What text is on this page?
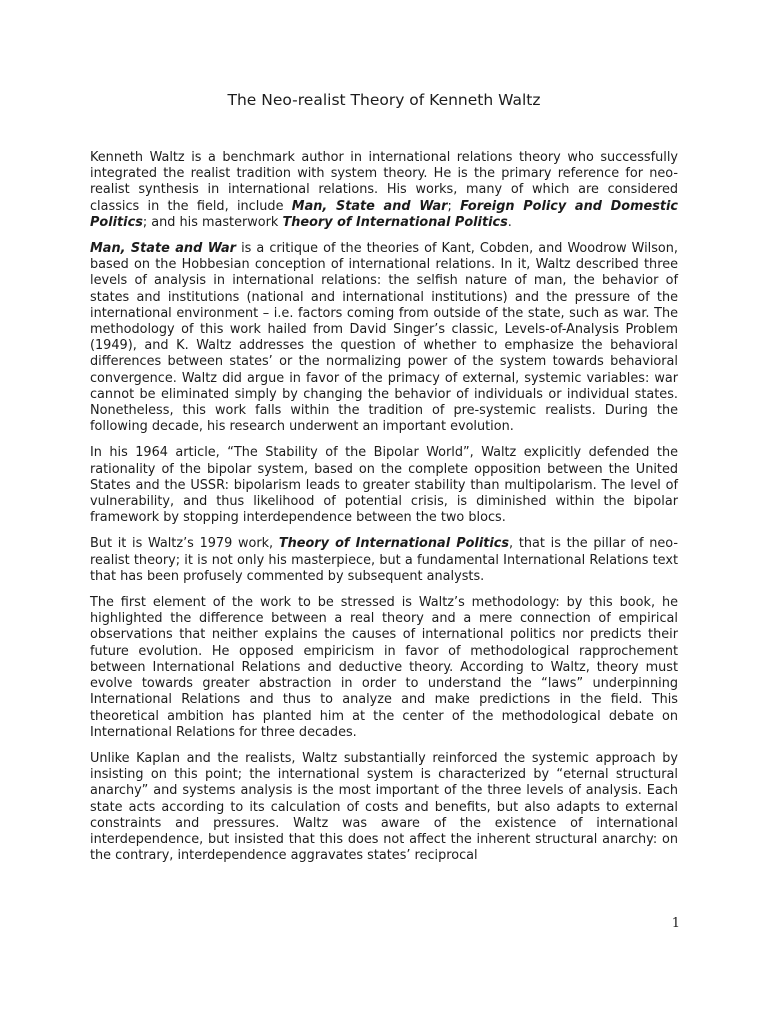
The Neo-realist Theory of Kenneth Waltz

Kenneth Waltz is a benchmark author in international relations theory who successfully integrated the realist tradition with system theory. He is the primary reference for neo-realist synthesis in international relations. His works, many of which are considered classics in the field, include Man, State and War; Foreign Policy and Domestic Politics; and his masterwork Theory of International Politics.

Man, State and War is a critique of the theories of Kant, Cobden, and Woodrow Wilson, based on the Hobbesian conception of international relations. In it, Waltz described three levels of analysis in international relations: the selfish nature of man, the behavior of states and institutions (national and international institutions) and the pressure of the international environment – i.e. factors coming from outside of the state, such as war. The methodology of this work hailed from David Singer’s classic, Levels-of-Analysis Problem (1949), and K. Waltz addresses the question of whether to emphasize the behavioral differences between states’ or the normalizing power of the system towards behavioral convergence. Waltz did argue in favor of the primacy of external, systemic variables: war cannot be eliminated simply by changing the behavior of individuals or individual states. Nonetheless, this work falls within the tradition of pre-systemic realists. During the following decade, his research underwent an important evolution.

In his 1964 article, “The Stability of the Bipolar World”, Waltz explicitly defended the rationality of the bipolar system, based on the complete opposition between the United States and the USSR: bipolarism leads to greater stability than multipolarism. The level of vulnerability, and thus likelihood of potential crisis, is diminished within the bipolar framework by stopping interdependence between the two blocs.

But it is Waltz’s 1979 work, Theory of International Politics, that is the pillar of neo-realist theory; it is not only his masterpiece, but a fundamental International Relations text that has been profusely commented by subsequent analysts.

The first element of the work to be stressed is Waltz’s methodology: by this book, he highlighted the difference between a real theory and a mere connection of empirical observations that neither explains the causes of international politics nor predicts their future evolution. He opposed empiricism in favor of methodological rapprochement between International Relations and deductive theory. According to Waltz, theory must evolve towards greater abstraction in order to understand the “laws” underpinning International Relations and thus to analyze and make predictions in the field. This theoretical ambition has planted him at the center of the methodological debate on International Relations for three decades.

Unlike Kaplan and the realists, Waltz substantially reinforced the systemic approach by insisting on this point; the international system is characterized by “eternal structural anarchy” and systems analysis is the most important of the three levels of analysis. Each state acts according to its calculation of costs and benefits, but also adapts to external constraints and pressures. Waltz was aware of the existence of international interdependence, but insisted that this does not affect the inherent structural anarchy: on the contrary, interdependence aggravates states’ reciprocal

1
